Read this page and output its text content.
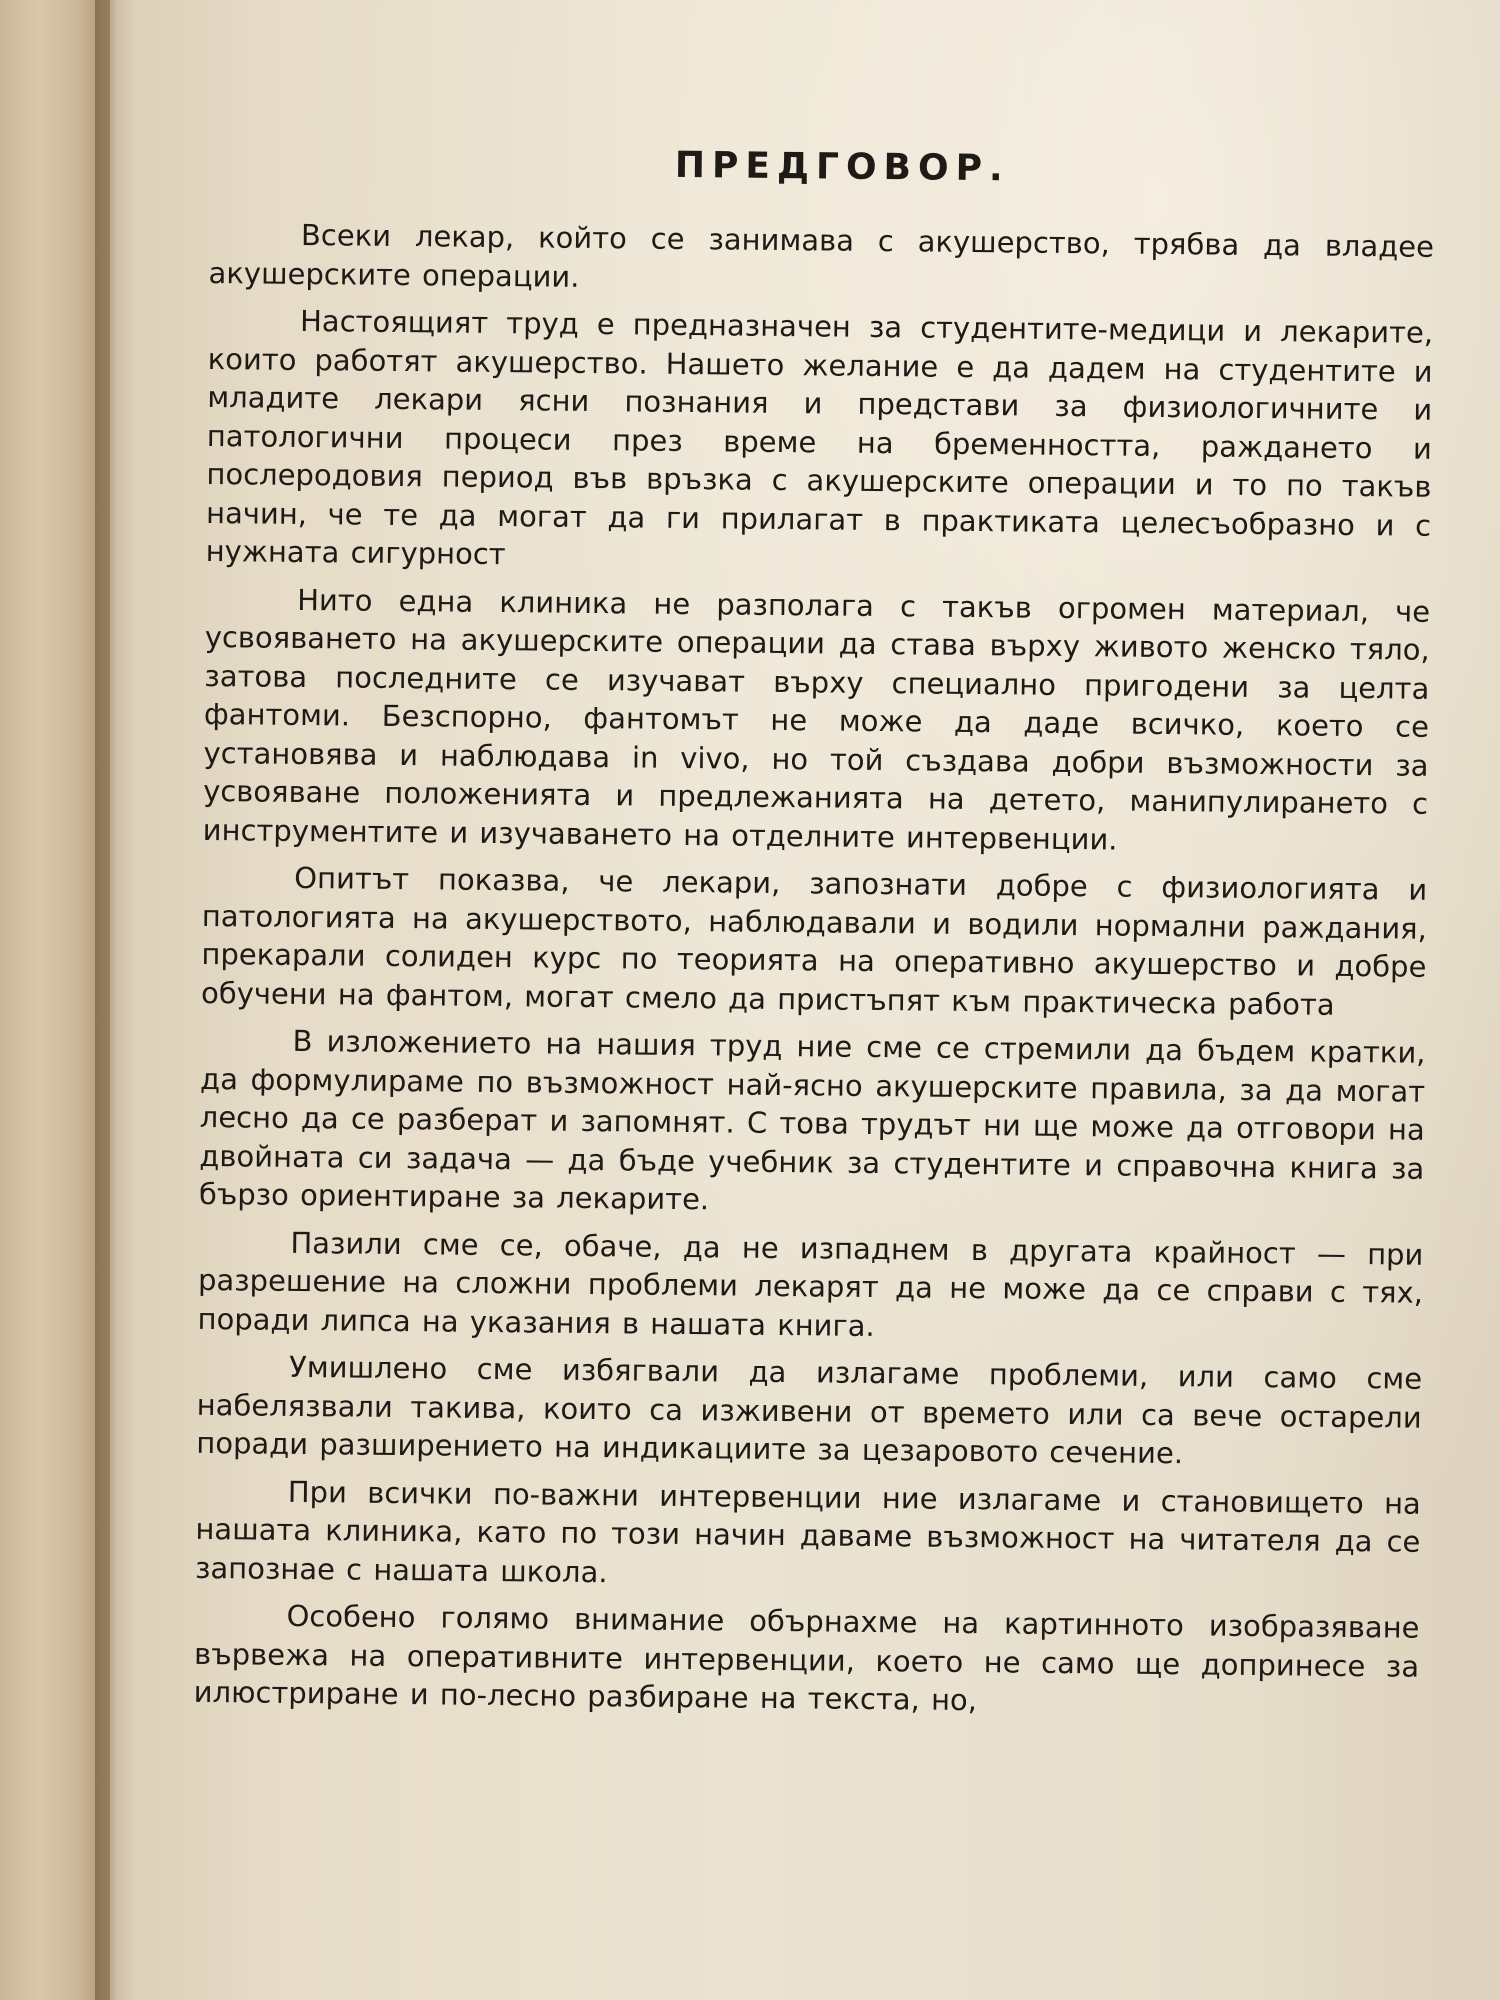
ПРЕДГОВОР.

Всеки лекар, който се занимава с акушерство, трябва да владее акушерските операции.

Настоящият труд е предназначен за студентите-медици и лекарите, които работят акушерство. Нашето желание е да дадем на студентите и младите лекари ясни познания и представи за физиологичните и патологични процеси през време на бременността, раждането и послеродовия период във връзка с акушерските операции и то по такъв начин, че те да могат да ги прилагат в практиката целесъобразно и с нужната сигурност

Нито една клиника не разполага с такъв огромен материал, че усвояването на акушерските операции да става върху живото женско тяло, затова последните се изучават върху специално пригодени за целта фантоми. Безспорно, фантомът не може да даде всичко, което се установява и наблюдава in vivo, но той създава добри възможности за усвояване положенията и предлежанията на детето, манипулирането с инструментите и изучаването на отделните интервенции.

Опитът показва, че лекари, запознати добре с физиологията и патологията на акушерството, наблюдавали и водили нормални раждания, прекарали солиден курс по теорията на оперативно акушерство и добре обучени на фантом, могат смело да пристъпят към практическа работа

В изложението на нашия труд ние сме се стремили да бъдем кратки, да формулираме по възможност най-ясно акушерските правила, за да могат лесно да се разберат и запомнят. С това трудът ни ще може да отговори на двойната си задача — да бъде учебник за студентите и справочна книга за бързо ориентиране за лекарите.

Пазили сме се, обаче, да не изпаднем в другата крайност — при разрешение на сложни проблеми лекарят да не може да се справи с тях, поради липса на указания в нашата книга.

Умишлено сме избягвали да излагаме проблеми, или само сме набелязвали такива, които са изживени от времето или са вече остарели поради разширението на индикациите за цезаровото сечение.

При всички по-важни интервенции ние излагаме и становището на нашата клиника, като по този начин даваме възможност на читателя да се запознае с нашата школа.

Особено голямо внимание обърнахме на картинното изобразяване вървежа на оперативните интервенции, което не само ще допринесе за илюстриране и по-лесно разбиране на текста, но,
